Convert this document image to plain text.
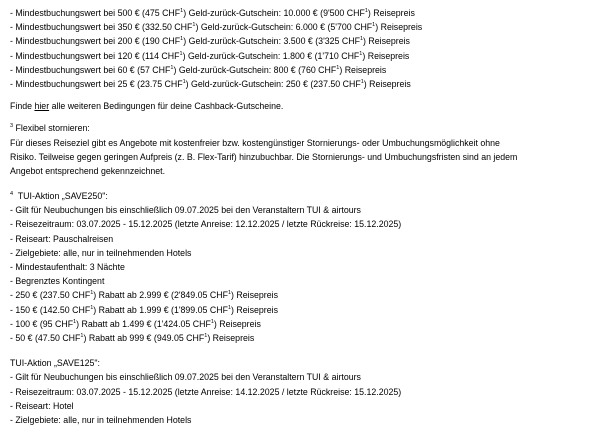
- Mindestbuchungswert bei 500 € (475 CHF$^1$) Geld-zurück-Gutschein: 10.000 € (9'500 CHF$^1$) Reisepreis
- Mindestbuchungswert bei 350 € (332.50 CHF$^1$) Geld-zurück-Gutschein: 6.000 € (5'700 CHF$^1$) Reisepreis
- Mindestbuchungswert bei 200 € (190 CHF$^1$) Geld-zurück-Gutschein: 3.500 € (3'325 CHF$^1$) Reisepreis
- Mindestbuchungswert bei 120 € (114 CHF$^1$) Geld-zurück-Gutschein: 1.800 € (1'710 CHF$^1$) Reisepreis
- Mindestbuchungswert bei 60 € (57 CHF$^1$) Geld-zurück-Gutschein: 800 € (760 CHF$^1$) Reisepreis
- Mindestbuchungswert bei 25 € (23.75 CHF$^1$) Geld-zurück-Gutschein: 250 € (237.50 CHF$^1$) Reisepreis
Finde hier alle weiteren Bedingungen für deine Cashback-Gutscheine.
$^3$ Flexibel stornieren:
Für dieses Reiseziel gibt es Angebote mit kostenfreier bzw. kostengünstiger Stornierungs- oder Umbuchungsmöglichkeit ohne
Risiko. Teilweise gegen geringen Aufpreis (z. B. Flex-Tarif) hinzubuchbar. Die Stornierungs- und Umbuchungsfristen sind an jedem
Angebot entsprechend gekennzeichnet.
$^4$  TUI-Aktion „SAVE250":
- Gilt für Neubuchungen bis einschließlich 09.07.2025 bei den Veranstaltern TUI & airtours
- Reisezeitraum: 03.07.2025 - 15.12.2025 (letzte Anreise: 12.12.2025 / letzte Rückreise: 15.12.2025)
- Reiseart: Pauschalreisen
- Zielgebiete: alle, nur in teilnehmenden Hotels
- Mindestaufenthalt: 3 Nächte
- Begrenztes Kontingent
- 250 € (237.50 CHF$^1$) Rabatt ab 2.999 € (2'849.05 CHF$^1$) Reisepreis
- 150 € (142.50 CHF$^1$) Rabatt ab 1.999 € (1'899.05 CHF$^1$) Reisepreis
- 100 € (95 CHF$^1$) Rabatt ab 1.499 € (1'424.05 CHF$^1$) Reisepreis
- 50 € (47.50 CHF$^1$) Rabatt ab 999 € (949.05 CHF$^1$) Reisepreis
TUI-Aktion „SAVE125":
- Gilt für Neubuchungen bis einschließlich 09.07.2025 bei den Veranstaltern TUI & airtours
- Reisezeitraum: 03.07.2025 - 15.12.2025 (letzte Anreise: 14.12.2025 / letzte Rückreise: 15.12.2025)
- Reiseart: Hotel
- Zielgebiete: alle, nur in teilnehmenden Hotels
